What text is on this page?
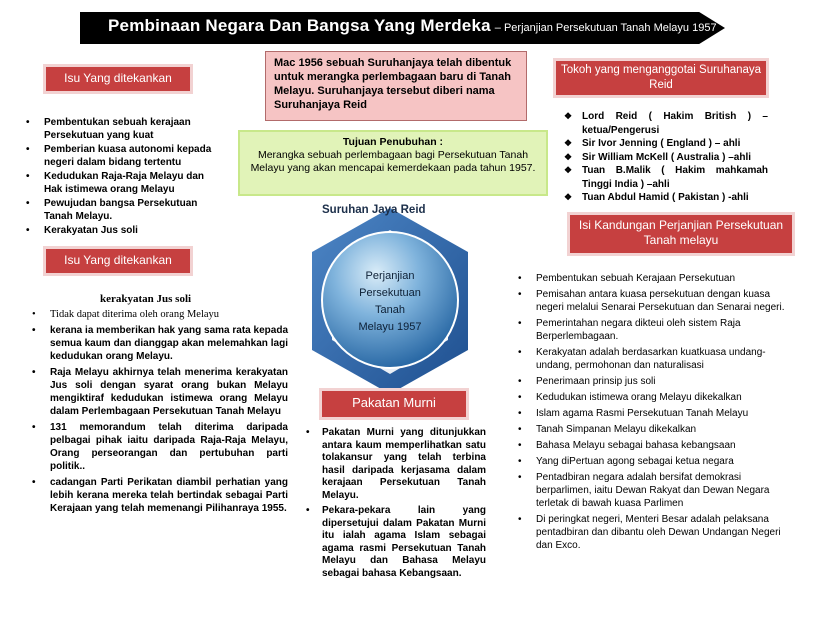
Pembinaan Negara Dan Bangsa Yang Merdeka – Perjanjian Persekutuan Tanah Melayu 1957
Isu Yang ditekankan
• Pembentukan sebuah kerajaan Persekutuan yang kuat
• Pemberian kuasa autonomi kepada negeri dalam bidang tertentu
• Kedudukan Raja-Raja Melayu dan Hak istimewa orang Melayu
• Pewujudan bangsa Persekutuan Tanah Melayu.
• Kerakyatan Jus soli
Isu Yang ditekankan
kerakyatan Jus soli
• Tidak dapat diterima oleh orang Melayu
• kerana ia memberikan hak yang sama rata kepada semua kaum dan dianggap akan melemahkan lagi kedudukan orang Melayu.
• Raja Melayu akhirnya telah menerima kerakyatan Jus soli dengan syarat orang bukan Melayu mengiktiraf kedudukan istimewa orang Melayu dalam Perlembagaan Persekutuan Tanah Melayu
• 131 memorandum telah diterima daripada pelbagai pihak iaitu daripada Raja-Raja Melayu, Orang perseorangan dan pertubuhan parti politik..
• cadangan Parti Perikatan diambil perhatian yang lebih kerana mereka telah bertindak sebagai Parti Kerajaan yang telah memenangi Pilihanraya 1955.
Mac 1956 sebuah Suruhanjaya telah dibentuk untuk merangka perlembagaan baru di Tanah Melayu. Suruhanjaya tersebut diberi nama Suruhanjaya Reid
Tujuan Penubuhan :
Merangka sebuah perlembagaan bagi Persekutuan Tanah Melayu yang akan mencapai kemerdekaan pada tahun 1957.
Suruhan Jaya Reid
Perjanjian
Persekutuan
Tanah
Melayu 1957
Pakatan Murni
• Pakatan Murni yang ditunjukkan antara kaum memperlihatkan satu tolakansur yang telah terbina hasil daripada kerjasama dalam kerajaan Persekutuan Tanah Melayu.
• Pekara-pekara lain yang dipersetujui dalam Pakatan Murni itu ialah agama Islam sebagai agama rasmi Persekutuan Tanah Melayu dan Bahasa Melayu sebagai bahasa Kebangsaan.
Tokoh yang menganggotai Suruhanaya Reid
❖ Lord Reid ( Hakim British ) – ketua/Pengerusi
❖ Sir Ivor Jenning ( England ) – ahli
❖ Sir William McKell ( Australia ) –ahli
❖ Tuan B.Malik ( Hakim mahkamah Tinggi India ) –ahli
❖ Tuan Abdul Hamid ( Pakistan ) -ahli
Isi Kandungan Perjanjian Persekutuan Tanah melayu
• Pembentukan sebuah Kerajaan Persekutuan
• Pemisahan antara kuasa persekutuan dengan kuasa negeri melalui Senarai Persekutuan dan Senarai negeri.
• Pemerintahan negara dikteui oleh sistem Raja Berperlembagaan.
• Kerakyatan adalah berdasarkan kuatkuasa undang-undang, permohonan dan naturalisasi
• Penerimaan prinsip jus soli
• Kedudukan istimewa orang Melayu dikekalkan
• Islam agama Rasmi Persekutuan Tanah Melayu
• Tanah Simpanan Melayu dikekalkan
• Bahasa Melayu sebagai bahasa kebangsaan
• Yang diPertuan agong sebagai ketua negara
• Pentadbiran negara adalah bersifat demokrasi berparlimen, iaitu Dewan Rakyat dan Dewan Negara terletak di bawah kuasa Parlimen
• Di peringkat negeri, Menteri Besar adalah pelaksana pentadbiran dan dibantu oleh Dewan Undangan Negeri dan Exco.
